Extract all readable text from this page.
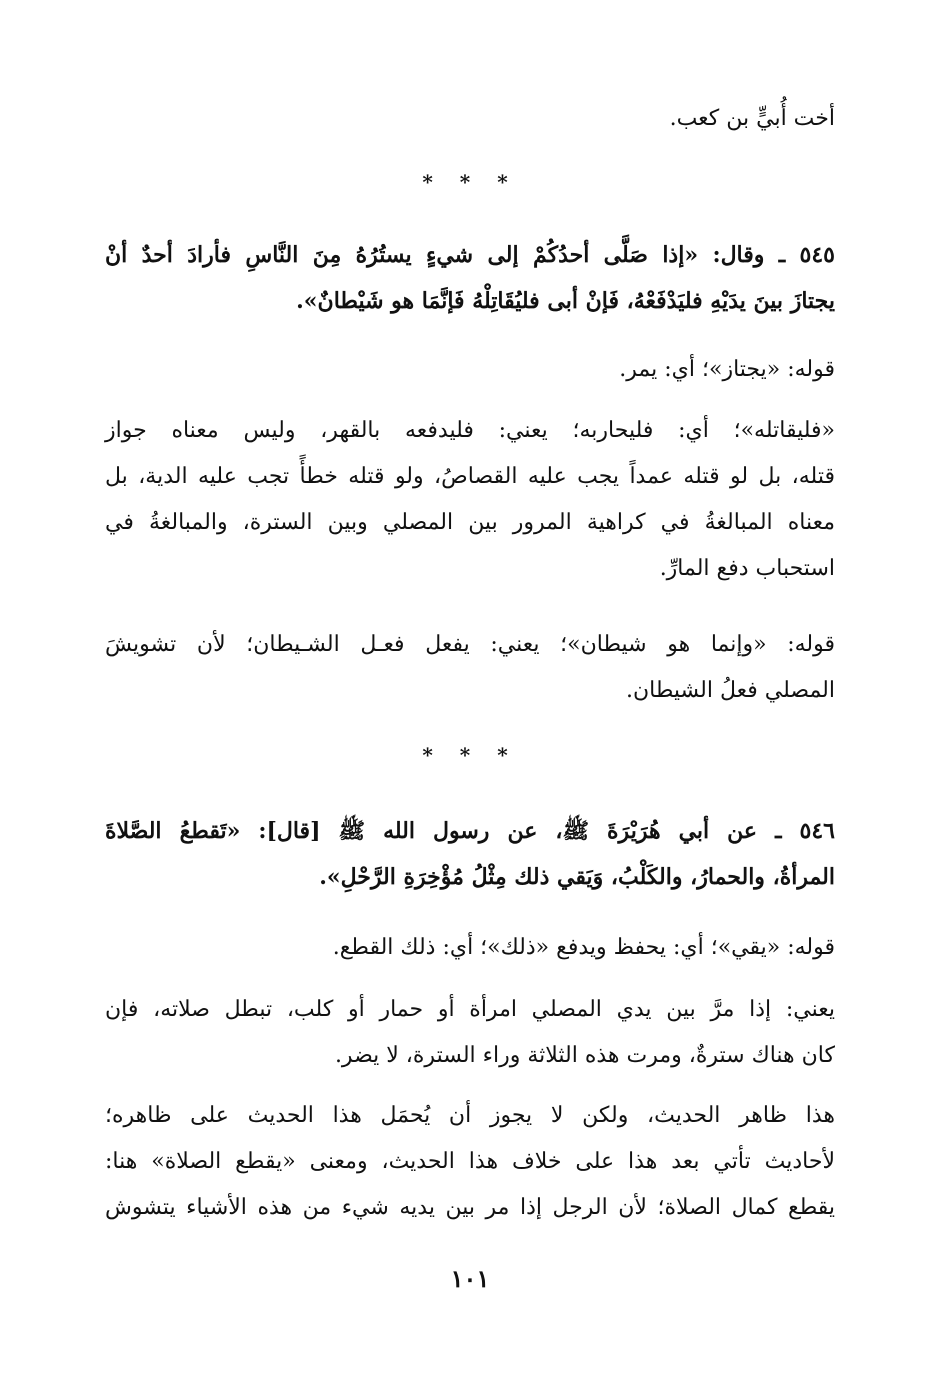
أخت أُبيٍّ بن كعب.
* * *
٥٤٥ ـ وقال: «إذا صَلَّى أحدُكُمْ إلى شيءٍ يستُرُهُ مِنَ النَّاسِ فأرادَ أحدٌ أنْ
يجتازَ بينَ يدَيْهِ فليَدْفَعْهُ، فَإنْ أبى فليُقَاتِلْهُ فَإنَّمَا هو شَيْطانٌ».
قوله: «يجتاز»؛ أي: يمر.
«فليقاتله»؛ أي: فليحاربه؛ يعني: فليدفعه بالقهر، وليس معناه جواز
قتله، بل لو قتله عمداً يجب عليه القصاصُ، ولو قتله خطأً تجب عليه الدية، بل
معناه المبالغةُ في كراهية المرور بين المصلي وبين السترة، والمبالغةُ في
استحباب دفع المارِّ.
قوله: «وإنما هو شيطان»؛ يعني: يفعل فعـل الشـيطان؛ لأن تشويشَ
المصلي فعلُ الشيطان.
* * *
٥٤٦ ـ عن أبي هُرَيْرَةَ ﷺ، عن رسول الله ﷺ [قال]: «تَقطعُ الصَّلاةَ
المرأةُ، والحمارُ، والكَلْبُ، وَيَقي ذلك مِثْلُ مُؤْخِرَةِ الرَّحْلِ».
قوله: «يقي»؛ أي: يحفظ ويدفع «ذلك»؛ أي: ذلك القطع.
يعني: إذا مرَّ بين يدي المصلي امرأة أو حمار أو كلب، تبطل صلاته، فإن
كان هناك سترةٌ، ومرت هذه الثلاثة وراء السترة، لا يضر.
هذا ظاهر الحديث، ولكن لا يجوز أن يُحمَل هذا الحديث على ظاهره؛
لأحاديث تأتي بعد هذا على خلاف هذا الحديث، ومعنى «يقطع الصلاة» هنا:
يقطع كمال الصلاة؛ لأن الرجل إذا مر بين يديه شيء من هذه الأشياء يتشوش
١٠١
